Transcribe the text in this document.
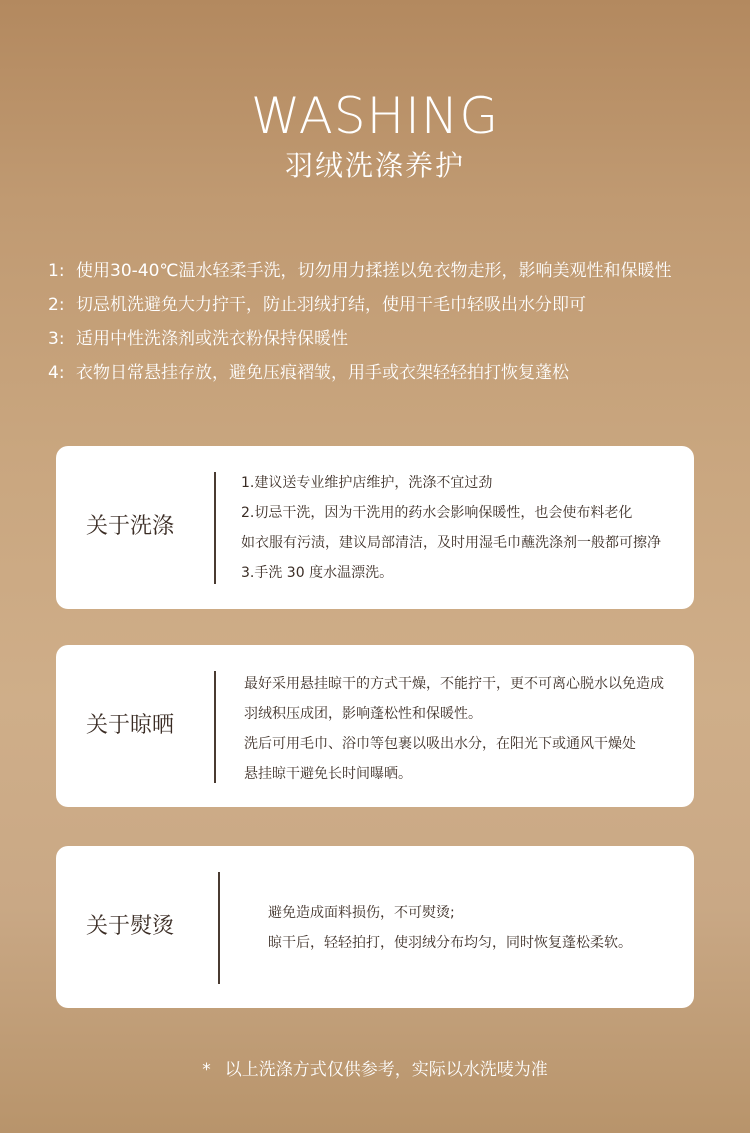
WASHING
羽绒洗涤养护
1: 使用30-40℃温水轻柔手洗，切勿用力揉搓以免衣物走形，影响美观性和保暖性
2: 切忌机洗避免大力拧干，防止羽绒打结，使用干毛巾轻吸出水分即可
3: 适用中性洗涤剂或洗衣粉保持保暖性
4: 衣物日常悬挂存放，避免压痕褶皱，用手或衣架轻轻拍打恢复蓬松
关于洗涤
1.建议送专业维护店维护，洗涤不宜过劲
2.切忌干洗，因为干洗用的药水会影响保暖性，也会使布料老化
如衣服有污渍，建议局部清洁，及时用湿毛巾蘸洗涤剂一般都可擦净
3.手洗 30 度水温漂洗。
关于晾晒
最好采用悬挂晾干的方式干燥，不能拧干，更不可离心脱水以免造成
羽绒积压成团，影响蓬松性和保暖性。
洗后可用毛巾、浴巾等包裹以吸出水分，在阳光下或通风干燥处
悬挂晾干避免长时间曝晒。
关于熨烫
避免造成面料损伤，不可熨烫;
晾干后，轻轻拍打，使羽绒分布均匀，同时恢复蓬松柔软。
* 以上洗涤方式仅供参考，实际以水洗唛为准
